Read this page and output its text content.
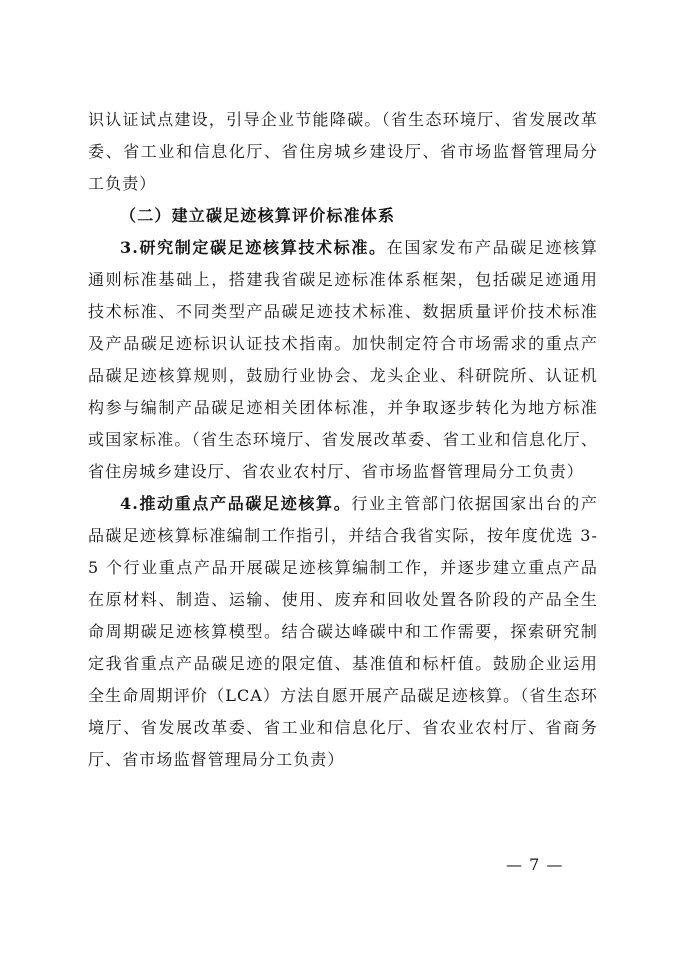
识认证试点建设，引导企业节能降碳。（省生态环境厅、省发展改革委、省工业和信息化厅、省住房城乡建设厅、省市场监督管理局分工负责）

（二）建立碳足迹核算评价标准体系

3.研究制定碳足迹核算技术标准。在国家发布产品碳足迹核算通则标准基础上，搭建我省碳足迹标准体系框架，包括碳足迹通用技术标准、不同类型产品碳足迹技术标准、数据质量评价技术标准及产品碳足迹标识认证技术指南。加快制定符合市场需求的重点产品碳足迹核算规则，鼓励行业协会、龙头企业、科研院所、认证机构参与编制产品碳足迹相关团体标准，并争取逐步转化为地方标准或国家标准。（省生态环境厅、省发展改革委、省工业和信息化厅、省住房城乡建设厅、省农业农村厅、省市场监督管理局分工负责）

4.推动重点产品碳足迹核算。行业主管部门依据国家出台的产品碳足迹核算标准编制工作指引，并结合我省实际，按年度优选 3-5 个行业重点产品开展碳足迹核算编制工作，并逐步建立重点产品在原材料、制造、运输、使用、废弃和回收处置各阶段的产品全生命周期碳足迹核算模型。结合碳达峰碳中和工作需要，探索研究制定我省重点产品碳足迹的限定值、基准值和标杆值。鼓励企业运用全生命周期评价（LCA）方法自愿开展产品碳足迹核算。（省生态环境厅、省发展改革委、省工业和信息化厅、省农业农村厅、省商务厅、省市场监督管理局分工负责）

— 7 —
